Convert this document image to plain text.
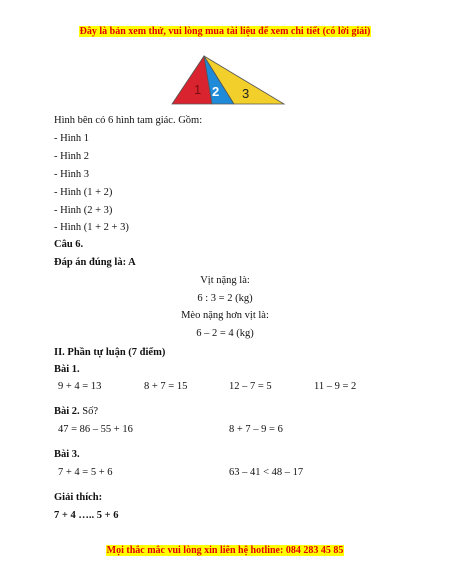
Đây là bản xem thử, vui lòng mua tài liệu để xem chi tiết (có lời giải)
1 2 3
Hình bên có 6 hình tam giác. Gồm:
- Hình 1
- Hình 2
- Hình 3
- Hình (1 + 2)
- Hình (2 + 3)
- Hình (1 + 2 + 3)
Câu 6.
Đáp án đúng là: A
Vịt nặng là:
6 : 3 = 2 (kg)
Mèo nặng hơn vịt là:
6 – 2 = 4 (kg)
II. Phần tự luận (7 điểm)
Bài 1.
9 + 4 = 13	8 + 7 = 15	12 – 7 = 5	11 – 9 = 2
Bài 2. Số?
47 = 86 – 55 + 16	8 + 7 – 9 = 6
Bài 3.
7 + 4 = 5 + 6	63 – 41 < 48 – 17
Giải thích:
7 + 4 ….. 5 + 6
Mọi thắc mắc vui lòng xin liên hệ hotline: 084 283 45 85
